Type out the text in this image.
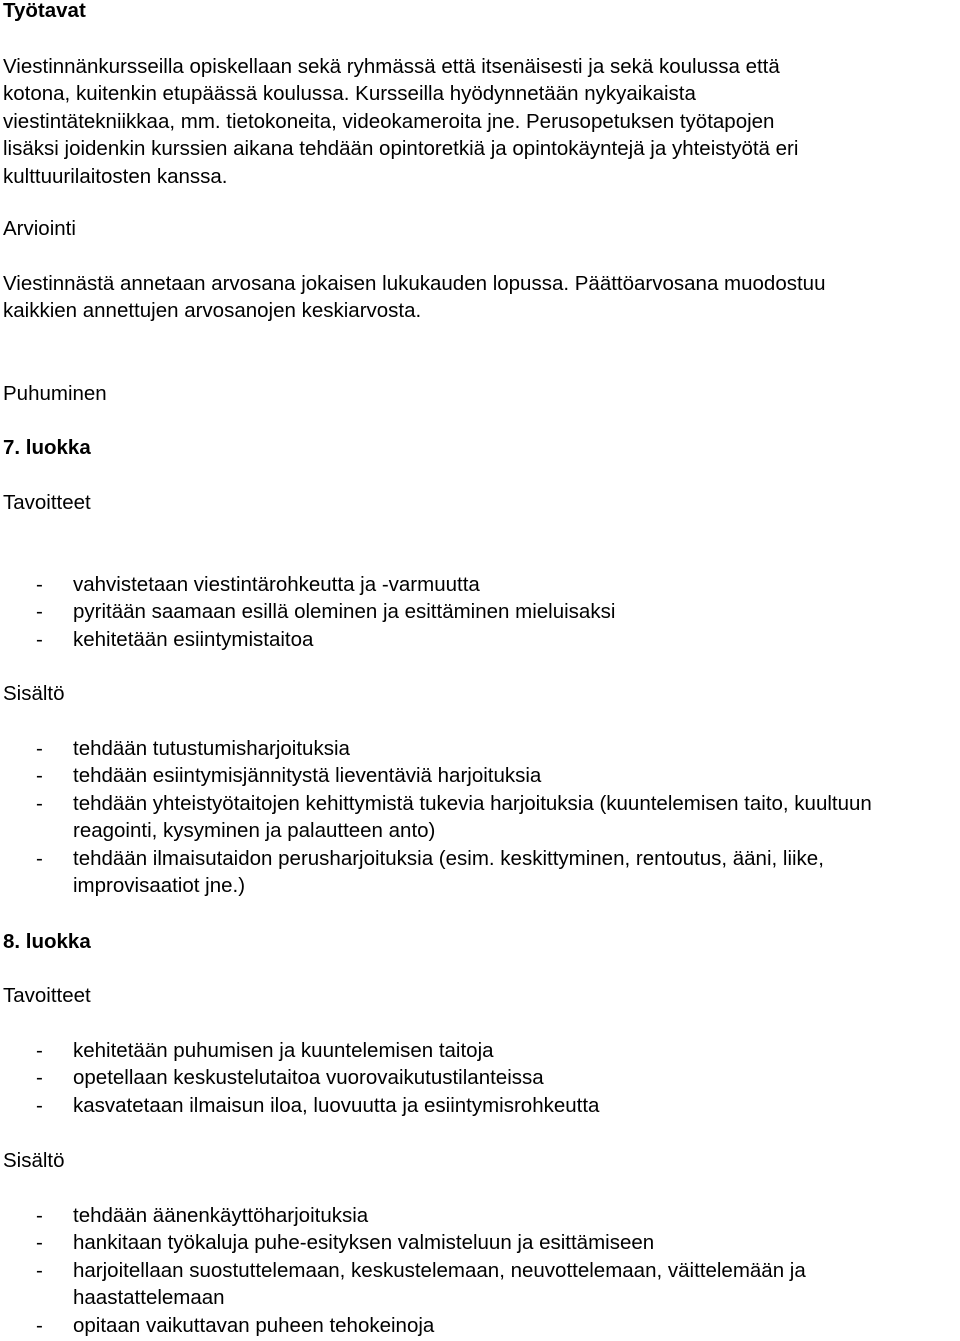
Työtavat
Viestinnänkursseilla opiskellaan sekä ryhmässä että itsenäisesti ja sekä koulussa että
kotona, kuitenkin etupäässä koulussa. Kursseilla hyödynnetään nykyaikaista
viestintätekniikkaa, mm. tietokoneita, videokameroita jne. Perusopetuksen työtapojen
lisäksi joidenkin kurssien aikana tehdään opintoretkiä ja opintokäyntejä ja yhteistyötä eri
kulttuurilaitosten kanssa.
Arviointi
Viestinnästä annetaan arvosana jokaisen lukukauden lopussa. Päättöarvosana muodostuu
kaikkien annettujen arvosanojen keskiarvosta.
Puhuminen
7. luokka
Tavoitteet
- vahvistetaan viestintärohkeutta ja -varmuutta
- pyritään saamaan esillä oleminen ja esittäminen mieluisaksi
- kehitetään esiintymistaitoa
Sisältö
- tehdään tutustumisharjoituksia
- tehdään esiintymisjännitystä lieventäviä harjoituksia
- tehdään yhteistyötaitojen kehittymistä tukevia harjoituksia (kuuntelemisen taito, kuultuun reagointi, kysyminen ja palautteen anto)
- tehdään ilmaisutaidon perusharjoituksia (esim. keskittyminen, rentoutus, ääni, liike, improvisaatiot jne.)
8. luokka
Tavoitteet
- kehitetään puhumisen ja kuuntelemisen taitoja
- opetellaan keskustelutaitoa vuorovaikutustilanteissa
- kasvatetaan ilmaisun iloa, luovuutta ja esiintymisrohkeutta
Sisältö
- tehdään äänenkäyttöharjoituksia
- hankitaan työkaluja puhe-esityksen valmisteluun ja esittämiseen
- harjoitellaan suostuttelemaan, keskustelemaan, neuvottelemaan, väittelemään ja haastattelemaan
- opitaan vaikuttavan puheen tehokeinoja
